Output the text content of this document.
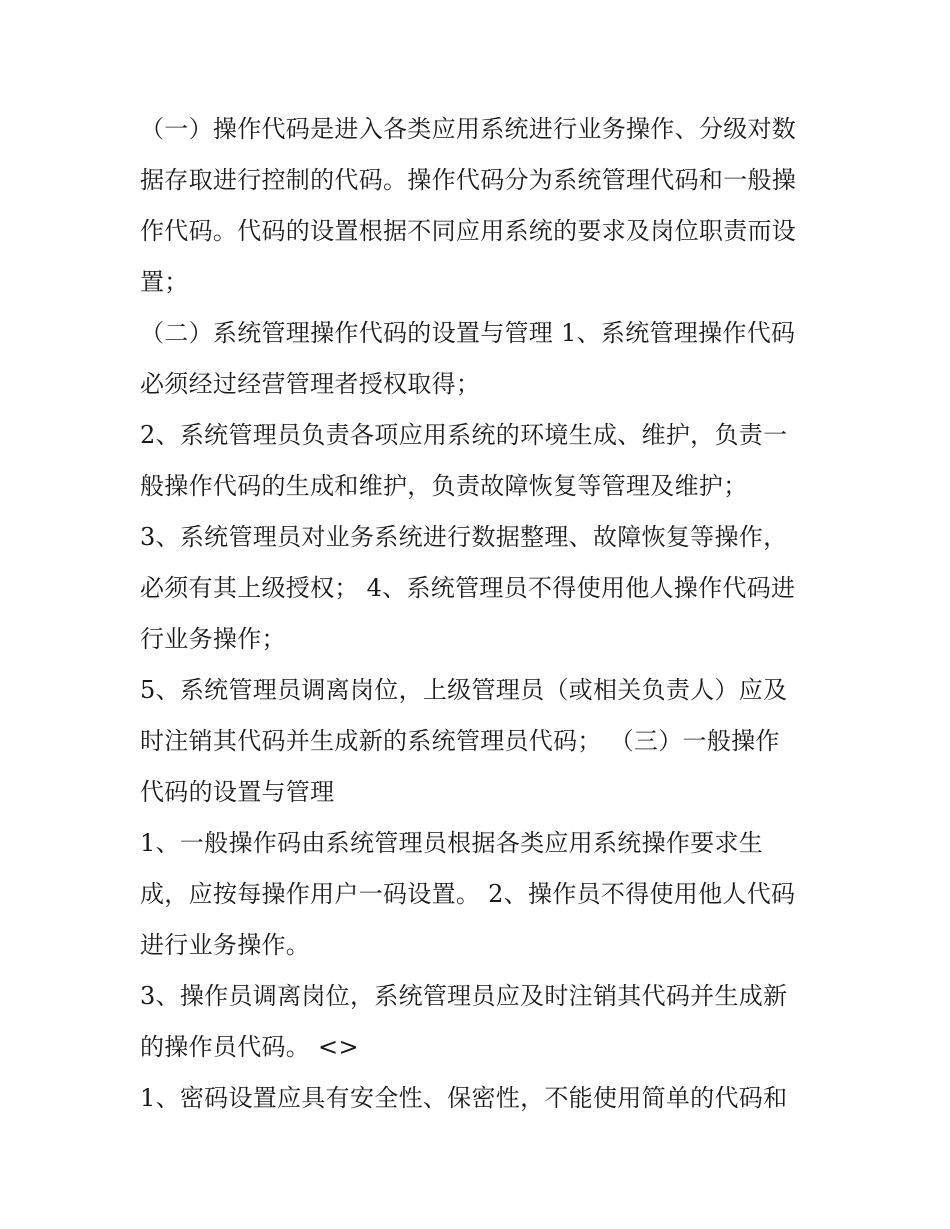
（一）操作代码是进入各类应用系统进行业务操作、分级对数
据存取进行控制的代码。操作代码分为系统管理代码和一般操
作代码。代码的设置根据不同应用系统的要求及岗位职责而设
置；
（二）系统管理操作代码的设置与管理 1、系统管理操作代码
必须经过经营管理者授权取得；
2、系统管理员负责各项应用系统的环境生成、维护，负责一
般操作代码的生成和维护，负责故障恢复等管理及维护；
3、系统管理员对业务系统进行数据整理、故障恢复等操作，
必须有其上级授权； 4、系统管理员不得使用他人操作代码进
行业务操作；
5、系统管理员调离岗位，上级管理员（或相关负责人）应及
时注销其代码并生成新的系统管理员代码； （三）一般操作
代码的设置与管理
1、一般操作码由系统管理员根据各类应用系统操作要求生
成，应按每操作用户一码设置。 2、操作员不得使用他人代码
进行业务操作。
3、操作员调离岗位，系统管理员应及时注销其代码并生成新
的操作员代码。 <>
1、密码设置应具有安全性、保密性，不能使用简单的代码和
